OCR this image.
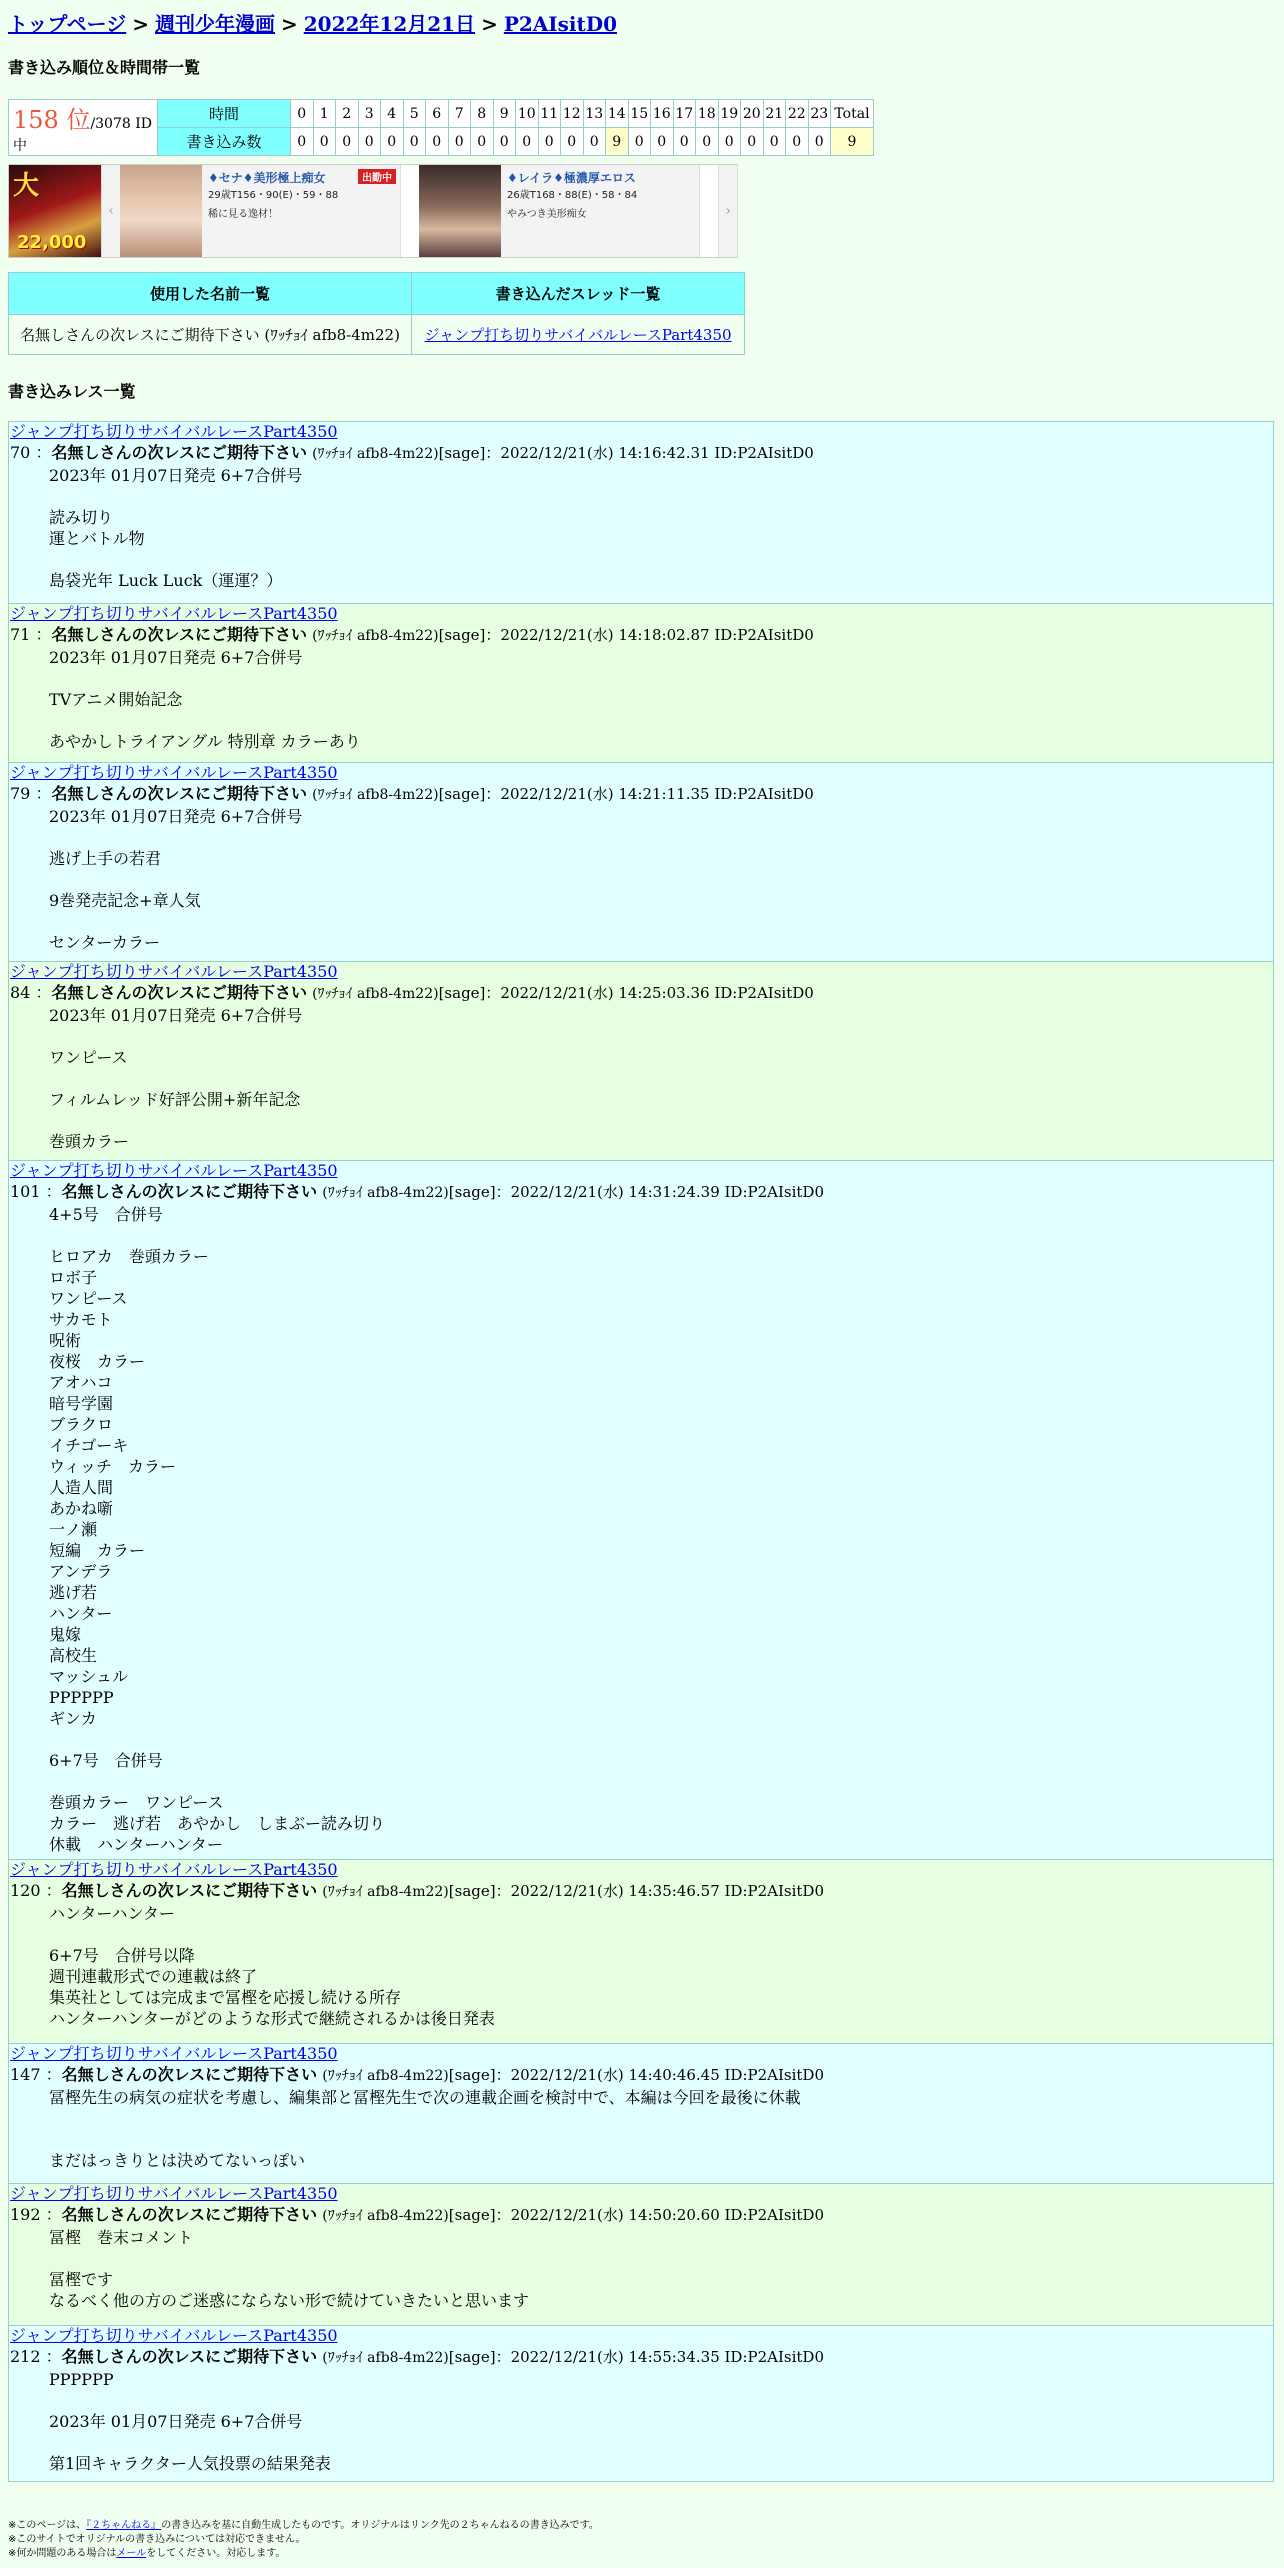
トップページ > 週刊少年漫画 > 2022年12月21日 > P2AIsitD0
書き込み順位＆時間帯一覧
158 位/3078 ID中	時間	0	1	2	3	4	5	6	7	8	9	10	11	12	13	14	15	16	17	18	19	20	21	22	23	Total
	書き込み数	0	0	0	0	0	0	0	0	0	0	0	0	0	0	9	0	0	0	0	0	0	0	0	0	9
大
22,000
‹
♦セナ♦美形極上痴女	出勤中
29歳T156・90(E)・59・88
稀に見る逸材！
♦レイラ♦極濃厚エロス
26歳T168・88(E)・58・84
やみつき美形痴女	›
使用した名前一覧	書き込んだスレッド一覧
名無しさんの次レスにご期待下さい (ﾜｯﾁｮｲ afb8-4m22)	ジャンプ打ち切りサバイバルレースPart4350
書き込みレス一覧
ジャンプ打ち切りサバイバルレースPart4350
70 ：名無しさんの次レスにご期待下さい (ﾜｯﾁｮｲ afb8-4m22)[sage]：2022/12/21(水) 14:16:42.31 ID:P2AIsitD0
2023年 01月07日発売 6+7合併号

読み切り
運とバトル物

島袋光年 Luck Luck（運運？）
ジャンプ打ち切りサバイバルレースPart4350
71 ：名無しさんの次レスにご期待下さい (ﾜｯﾁｮｲ afb8-4m22)[sage]：2022/12/21(水) 14:18:02.87 ID:P2AIsitD0
2023年 01月07日発売 6+7合併号

TVアニメ開始記念

あやかしトライアングル 特別章 カラーあり
ジャンプ打ち切りサバイバルレースPart4350
79 ：名無しさんの次レスにご期待下さい (ﾜｯﾁｮｲ afb8-4m22)[sage]：2022/12/21(水) 14:21:11.35 ID:P2AIsitD0
2023年 01月07日発売 6+7合併号

逃げ上手の若君

9巻発売記念+章人気

センターカラー
ジャンプ打ち切りサバイバルレースPart4350
84 ：名無しさんの次レスにご期待下さい (ﾜｯﾁｮｲ afb8-4m22)[sage]：2022/12/21(水) 14:25:03.36 ID:P2AIsitD0
2023年 01月07日発売 6+7合併号

ワンピース

フィルムレッド好評公開+新年記念

巻頭カラー
ジャンプ打ち切りサバイバルレースPart4350
101 ：名無しさんの次レスにご期待下さい (ﾜｯﾁｮｲ afb8-4m22)[sage]：2022/12/21(水) 14:31:24.39 ID:P2AIsitD0
4+5号　合併号

ヒロアカ　巻頭カラー
ロボ子
ワンピース
サカモト
呪術
夜桜　カラー
アオハコ
暗号学園
ブラクロ
イチゴーキ
ウィッチ　カラー
人造人間
あかね噺
一ノ瀬
短編　カラー
アンデラ
逃げ若
ハンター
鬼嫁
高校生
マッシュル
PPPPPP
ギンカ

6+7号　合併号

巻頭カラー　ワンピース
カラー　逃げ若　あやかし　しまぶー読み切り
休載　ハンターハンター
ジャンプ打ち切りサバイバルレースPart4350
120 ：名無しさんの次レスにご期待下さい (ﾜｯﾁｮｲ afb8-4m22)[sage]：2022/12/21(水) 14:35:46.57 ID:P2AIsitD0
ハンターハンター

6+7号　合併号以降
週刊連載形式での連載は終了
集英社としては完成まで冨樫を応援し続ける所存
ハンターハンターがどのような形式で継続されるかは後日発表
ジャンプ打ち切りサバイバルレースPart4350
147 ：名無しさんの次レスにご期待下さい (ﾜｯﾁｮｲ afb8-4m22)[sage]：2022/12/21(水) 14:40:46.45 ID:P2AIsitD0
冨樫先生の病気の症状を考慮し、編集部と冨樫先生で次の連載企画を検討中で、本編は今回を最後に休載

まだはっきりとは決めてないっぽい
ジャンプ打ち切りサバイバルレースPart4350
192 ：名無しさんの次レスにご期待下さい (ﾜｯﾁｮｲ afb8-4m22)[sage]：2022/12/21(水) 14:50:20.60 ID:P2AIsitD0
冨樫　巻末コメント

冨樫です
なるべく他の方のご迷惑にならない形で続けていきたいと思います
ジャンプ打ち切りサバイバルレースPart4350
212 ：名無しさんの次レスにご期待下さい (ﾜｯﾁｮｲ afb8-4m22)[sage]：2022/12/21(水) 14:55:34.35 ID:P2AIsitD0
PPPPPP

2023年 01月07日発売 6+7合併号

第1回キャラクター人気投票の結果発表
※このページは、『２ちゃんねる』の書き込みを基に自動生成したものです。オリジナルはリンク先の２ちゃんねるの書き込みです。
※このサイトでオリジナルの書き込みについては対応できません。
※何か問題のある場合はメールをしてください。対応します。
